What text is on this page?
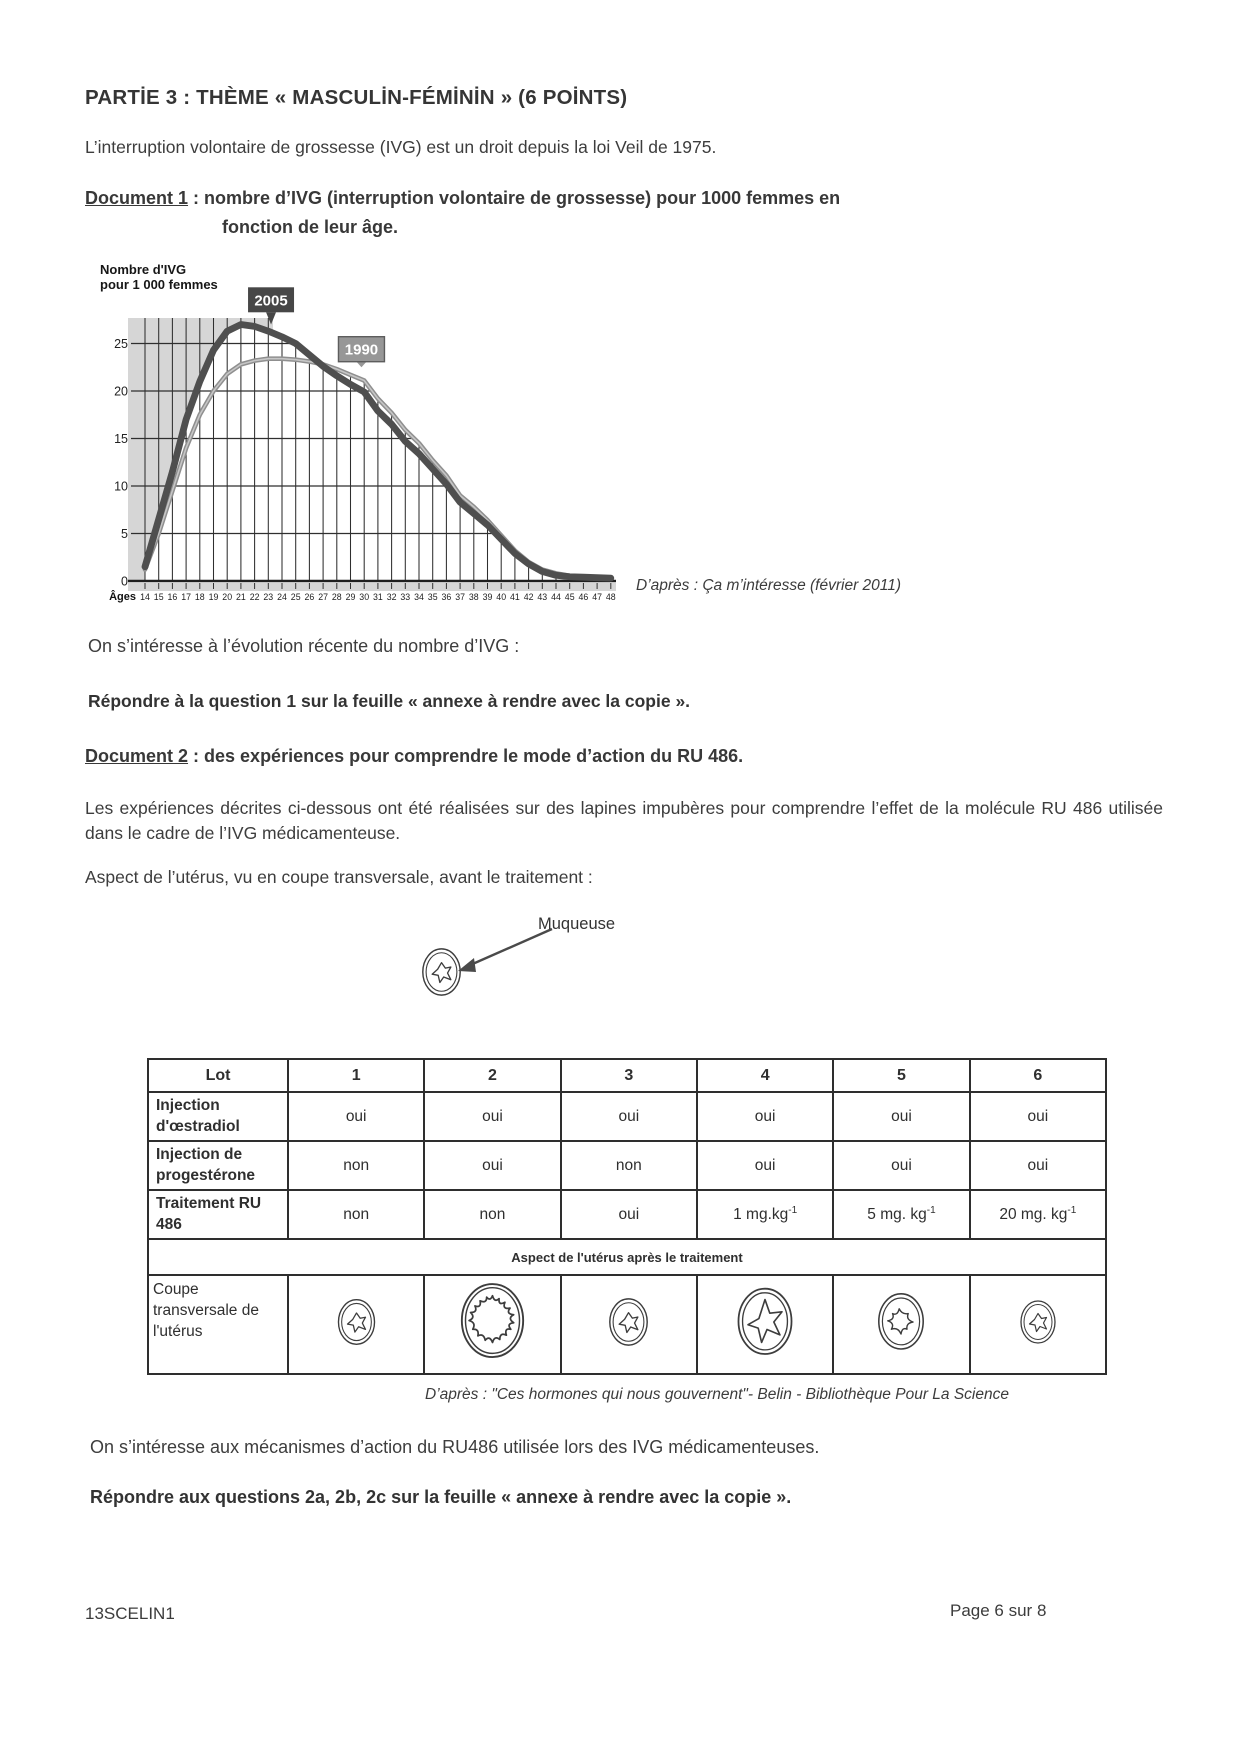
PARTİE 3 : THÈME « MASCULİN-FÉMİNİN » (6 POİNTS)
L’interruption volontaire de grossesse (IVG) est un droit depuis la loi Veil de 1975.
Document 1 : nombre d’IVG (interruption volontaire de grossesse) pour 1000 femmes en
fonction de leur âge.
0
5
10
15
20
25
14 15 16 17 18 19 20 21 22 23 24 25 26 27 28 29 30 31 32 33 34 35 36 37 38 39 40 41 42 43 44 45 46 47 48
Âges
2005
1990
Nombre d'IVG
pour 1 000 femmes
D’après : Ça m’intéresse (février 2011)
On s’intéresse à l’évolution récente du nombre d’IVG :
Répondre à la question 1 sur la feuille « annexe à rendre avec la copie ».
Document 2 : des expériences pour comprendre le mode d’action du RU 486.
Les expériences décrites ci-dessous ont été réalisées sur des lapines impubères pour comprendre l’effet de la molécule RU 486 utilisée dans le cadre de l’IVG médicamenteuse.
Aspect de l’utérus, vu en coupe transversale, avant le traitement :
Muqueuse
Lot	1	2	3	4	5	6
Injection d'œstradiol	oui	oui	oui	oui	oui	oui
Injection de progestérone	non	oui	non	oui	oui	oui
Traitement RU 486	non	non	oui	1 $mg.kg^{-1}$	5 mg. $kg^{-1}$	20 mg. $kg^{-1}$
Aspect de l'utérus après le traitement						
Coupe transversale de l'utérus						
D’après : "Ces hormones qui nous gouvernent"- Belin - Bibliothèque Pour La Science
On s’intéresse aux mécanismes d’action du RU486 utilisée lors des IVG médicamenteuses.
Répondre aux questions 2a, 2b, 2c sur la feuille « annexe à rendre avec la copie ».
13SCELIN1	Page 6 sur 8
